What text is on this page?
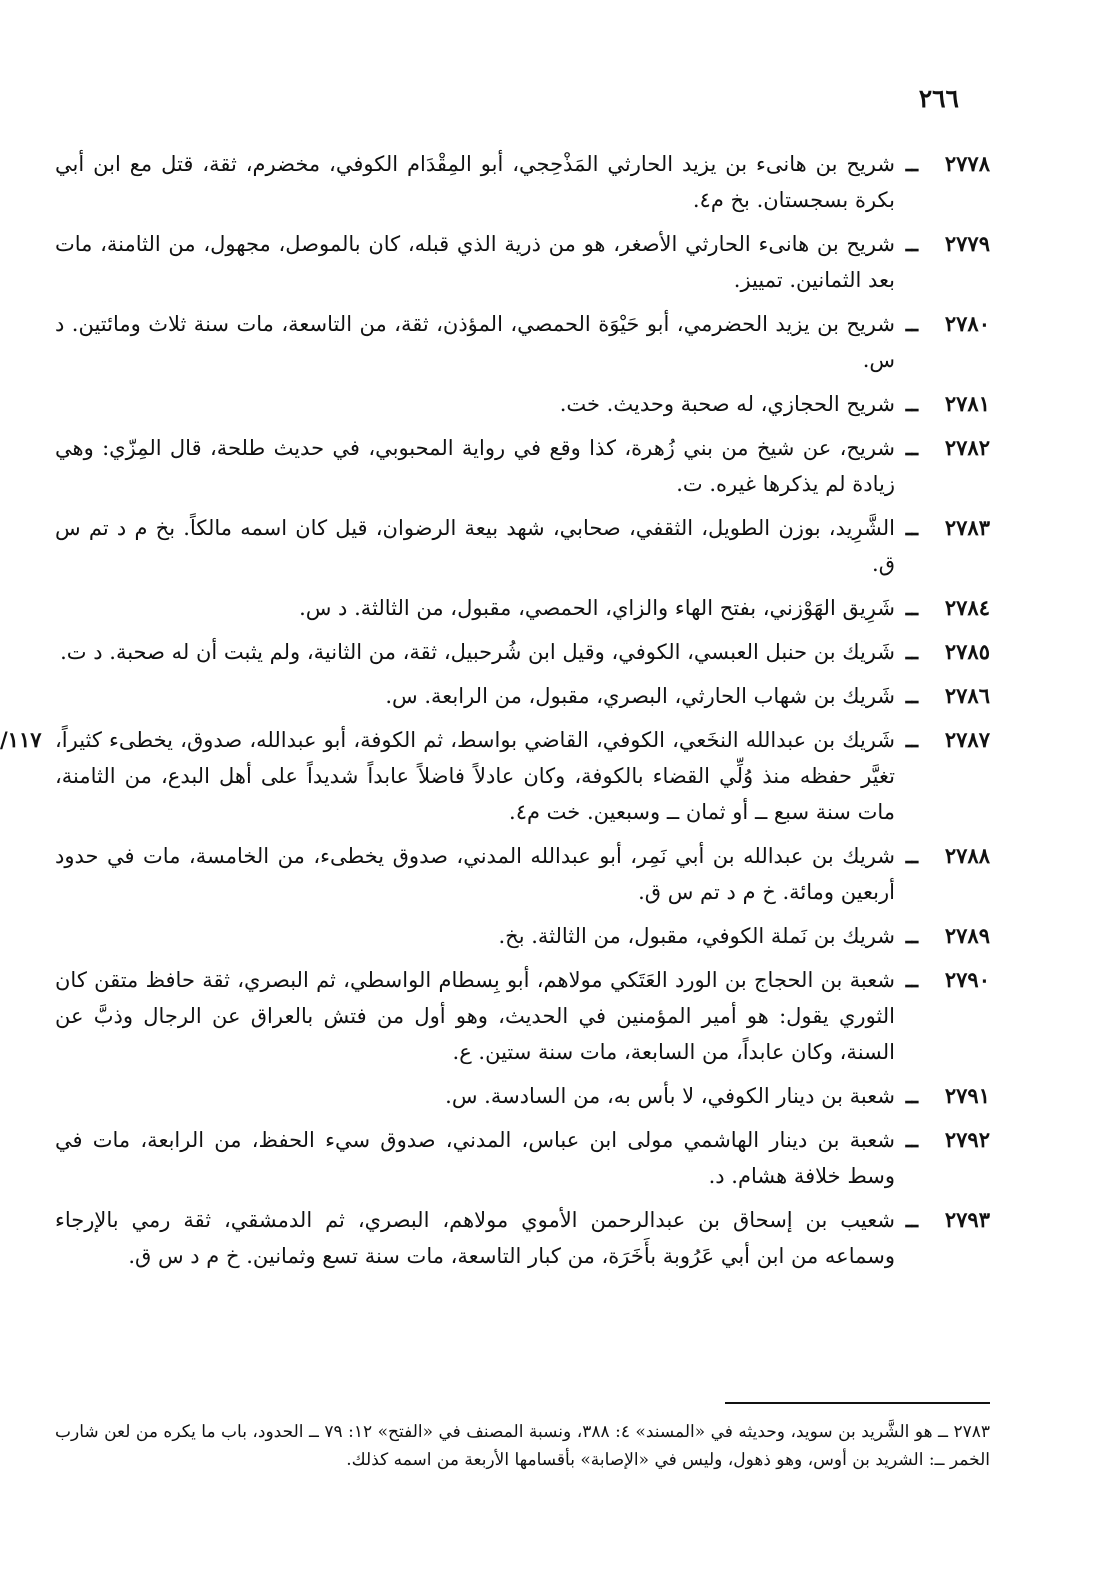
٢٦٦
٢٧٧٨
ــ
شريح بن هانىء بن يزيد الحارثي المَذْحِجي، أبو المِقْدَام الكوفي، مخضرم، ثقة، قتل مع ابن أبي بكرة بسجستان. بخ م٤.
٢٧٧٩
ــ
شريح بن هانىء الحارثي الأصغر، هو من ذرية الذي قبله، كان بالموصل، مجهول، من الثامنة، مات بعد الثمانين. تمييز.
٢٧٨٠
ــ
شريح بن يزيد الحضرمي، أبو حَيْوَة الحمصي، المؤذن، ثقة، من التاسعة، مات سنة ثلاث ومائتين. د س.
٢٧٨١
ــ
شريح الحجازي، له صحبة وحديث. خت.
٢٧٨٢
ــ
شريح، عن شيخ من بني زُهرة، كذا وقع في رواية المحبوبي، في حديث طلحة، قال المِزّي: وهي زيادة لم يذكرها غيره. ت.
٢٧٨٣
ــ
الشَّرِيد، بوزن الطويل، الثقفي، صحابي، شهد بيعة الرضوان، قيل كان اسمه مالكاً. بخ م د تم س ق.
٢٧٨٤
ــ
شَرِيق الهَوْزني، بفتح الهاء والزاي، الحمصي، مقبول، من الثالثة. د س.
٢٧٨٥
ــ
شَريك بن حنبل العبسي، الكوفي، وقيل ابن شُرحبيل، ثقة، من الثانية، ولم يثبت أن له صحبة. د ت.
٢٧٨٦
ــ
شَريك بن شهاب الحارثي، البصري، مقبول، من الرابعة. س.
١١٧/	٢٧٨٧
ــ
شَريك بن عبدالله النخَعي، الكوفي، القاضي بواسط، ثم الكوفة، أبو عبدالله، صدوق، يخطىء كثيراً، تغيَّر حفظه منذ وُلِّي القضاء بالكوفة، وكان عادلاً فاضلاً عابداً شديداً على أهل البدع، من الثامنة، مات سنة سبع ــ أو ثمان ــ وسبعين. خت م٤.
٢٧٨٨
ــ
شريك بن عبدالله بن أبي نَمِر، أبو عبدالله المدني، صدوق يخطىء، من الخامسة، مات في حدود أربعين ومائة. خ م د تم س ق.
٢٧٨٩
ــ
شريك بن نَملة الكوفي، مقبول، من الثالثة. بخ.
٢٧٩٠
ــ
شعبة بن الحجاج بن الورد العَتَكي مولاهم، أبو بِسطام الواسطي، ثم البصري، ثقة حافظ متقن كان الثوري يقول: هو أمير المؤمنين في الحديث، وهو أول من فتش بالعراق عن الرجال وذبَّ عن السنة، وكان عابداً، من السابعة، مات سنة ستين. ع.
٢٧٩١
ــ
شعبة بن دينار الكوفي، لا بأس به، من السادسة. س.
٢٧٩٢
ــ
شعبة بن دينار الهاشمي مولى ابن عباس، المدني، صدوق سيء الحفظ، من الرابعة، مات في وسط خلافة هشام. د.
٢٧٩٣
ــ
شعيب بن إسحاق بن عبدالرحمن الأموي مولاهم، البصري، ثم الدمشقي، ثقة رمي بالإرجاء وسماعه من ابن أبي عَرُوبة بأَخَرَة، من كبار التاسعة، مات سنة تسع وثمانين. خ م د س ق.
٢٧٨٣ ــ هو الشَّريد بن سويد، وحديثه في «المسند» ٤: ٣٨٨، ونسبة المصنف في «الفتح» ١٢: ٧٩ ــ الحدود، باب ما يكره من لعن شارب الخمر ــ: الشريد بن أوس، وهو ذهول، وليس في «الإصابة» بأقسامها الأربعة من اسمه كذلك.
